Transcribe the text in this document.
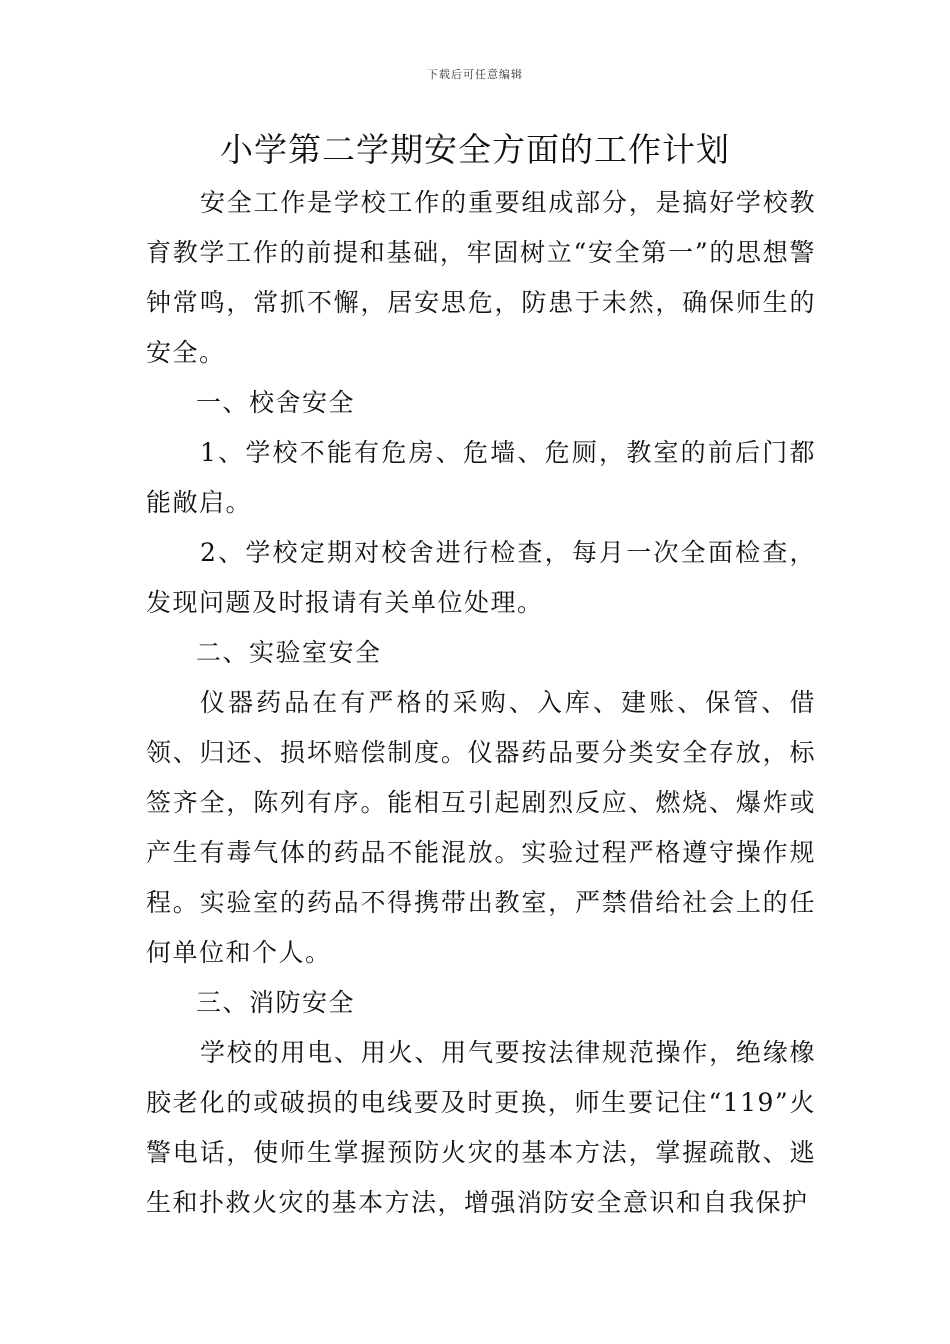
下载后可任意编辑
小学第二学期安全方面的工作计划

安全工作是学校工作的重要组成部分，是搞好学校教育教学工作的前提和基础，牢固树立“安全第一”的思想警钟常鸣，常抓不懈，居安思危，防患于未然，确保师生的安全。

一、校舍安全

1、学校不能有危房、危墙、危厕，教室的前后门都能敞启。

2、学校定期对校舍进行检查，每月一次全面检查，发现问题及时报请有关单位处理。

二、实验室安全

仪器药品在有严格的采购、入库、建账、保管、借领、归还、损坏赔偿制度。仪器药品要分类安全存放，标签齐全，陈列有序。能相互引起剧烈反应、燃烧、爆炸或产生有毒气体的药品不能混放。实验过程严格遵守操作规程。实验室的药品不得携带出教室，严禁借给社会上的任何单位和个人。

三、消防安全

学校的用电、用火、用气要按法律规范操作，绝缘橡胶老化的或破损的电线要及时更换，师生要记住“119”火警电话，使师生掌握预防火灾的基本方法，掌握疏散、逃生和扑救火灾的基本方法，增强消防安全意识和自我保护
